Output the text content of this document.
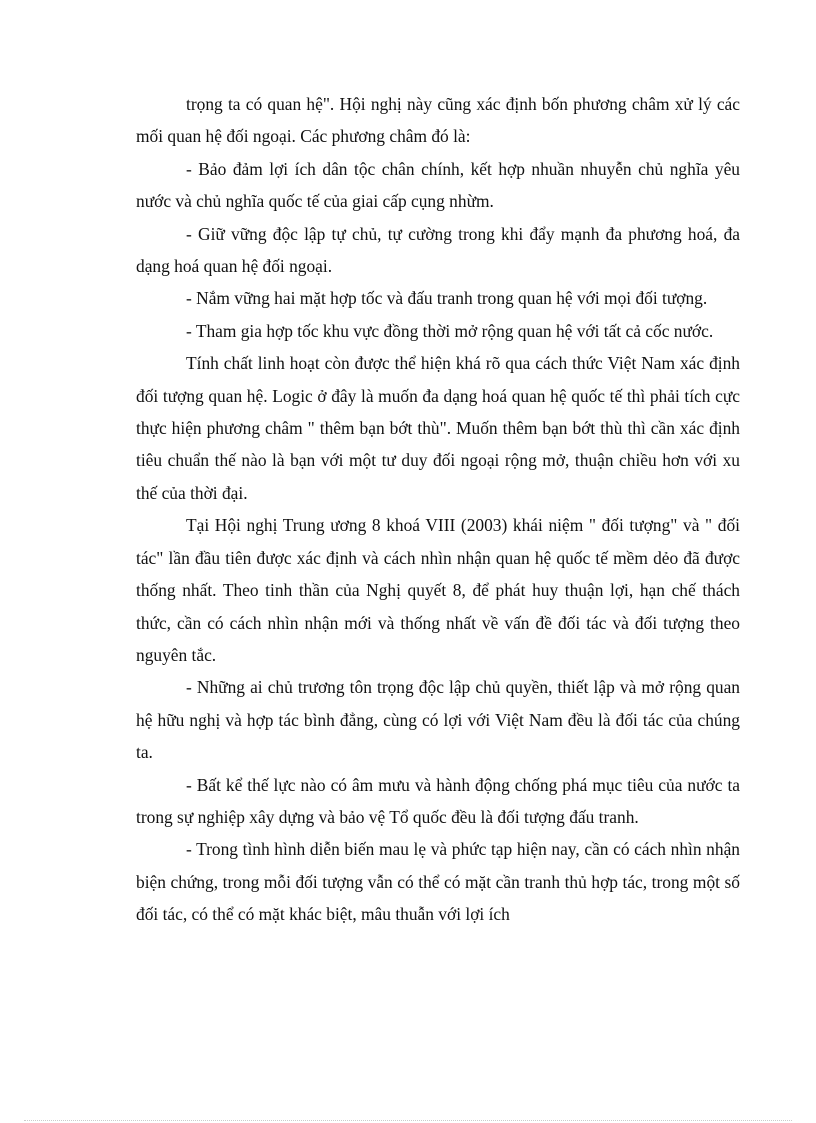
trọng ta có quan hệ". Hội nghị này cũng xác định bốn phương châm xử lý các mối quan hệ đối ngoại. Các phương châm đó là:

- Bảo đảm lợi ích dân tộc chân chính, kết hợp nhuần nhuyễn chủ nghĩa yêu nước và chủ nghĩa quốc tế của giai cấp cụng nhừm.

- Giữ vững độc lập tự chủ, tự cường trong khi đẩy mạnh đa phương hoá, đa dạng hoá quan hệ đối ngoại.

- Nắm vững hai mặt hợp tốc và đấu tranh trong quan hệ với mọi đối tượng.

- Tham gia hợp tốc khu vực đồng thời mở rộng quan hệ với tất cả cốc nước.

Tính chất linh hoạt còn được thể hiện khá rõ qua cách thức Việt Nam xác định đối tượng quan hệ. Logic ở đây là muốn đa dạng hoá quan hệ quốc tế thì phải tích cực thực hiện phương châm " thêm bạn bớt thù". Muốn thêm bạn bớt thù thì cần xác định tiêu chuẩn thế nào là bạn với một tư duy đối ngoại rộng mở, thuận chiều hơn với xu thế của thời đại.

Tại Hội nghị Trung ương 8 khoá VIII (2003) khái niệm " đối tượng" và " đối tác" lần đầu tiên được xác định và cách nhìn nhận quan hệ quốc tế mềm dẻo đã được thống nhất. Theo tinh thần của Nghị quyết 8, để phát huy thuận lợi, hạn chế thách thức, cần có cách nhìn nhận mới và thống nhất về vấn đề đối tác và đối tượng theo nguyên tắc.

- Những ai chủ trương tôn trọng độc lập chủ quyền, thiết lập và mở rộng quan hệ hữu nghị và hợp tác bình đẳng, cùng có lợi với Việt Nam đều là đối tác của chúng ta.

- Bất kể thế lực nào có âm mưu và hành động chống phá mục tiêu của nước ta trong sự nghiệp xây dựng và bảo vệ Tổ quốc đều là đối tượng đấu tranh.

- Trong tình hình diễn biến mau lẹ và phức tạp hiện nay, cần có cách nhìn nhận biện chứng, trong mỗi đối tượng vẫn có thể có mặt cần tranh thủ hợp tác, trong một số đối tác, có thể có mặt khác biệt, mâu thuẫn với lợi ích
